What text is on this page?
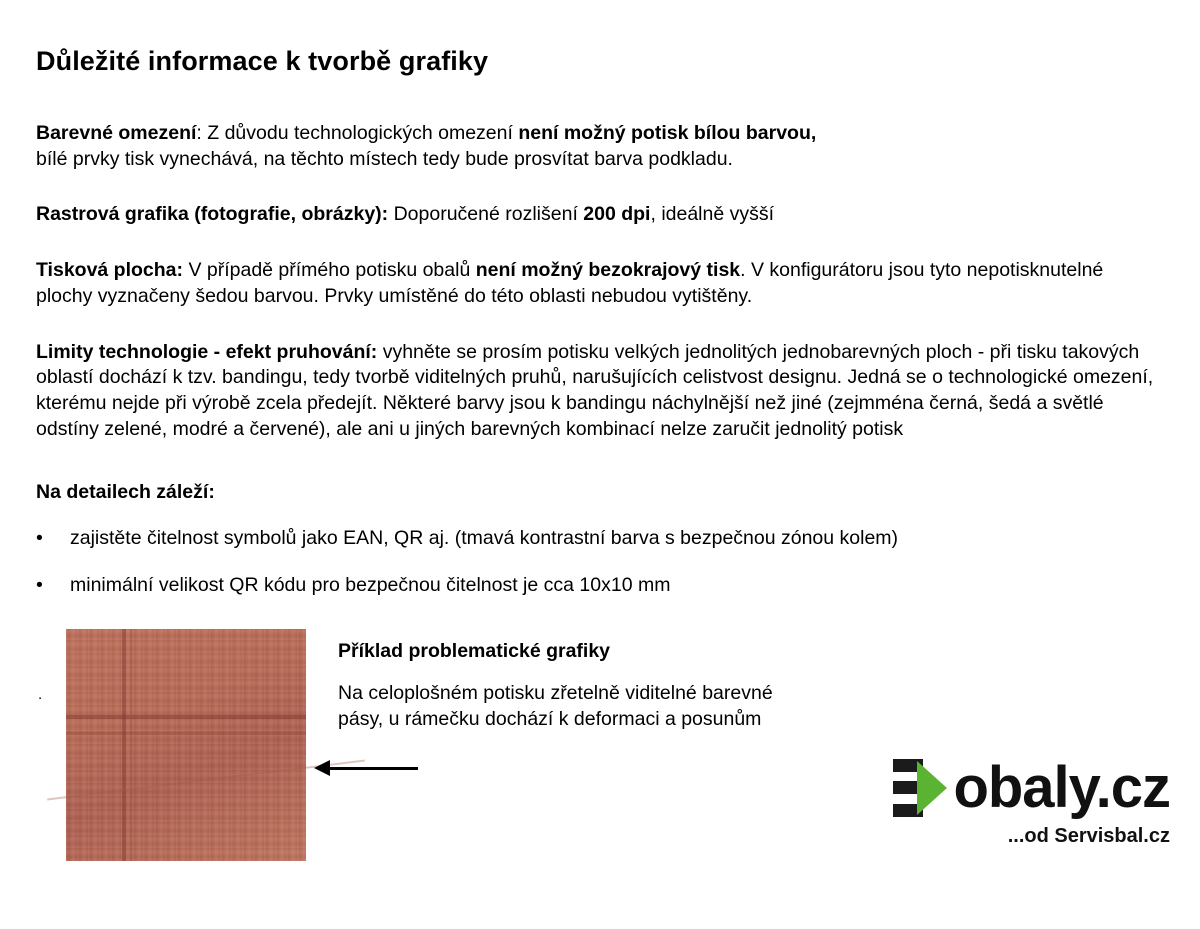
Důležité informace k tvorbě grafiky

Barevné omezení: Z důvodu technologických omezení není možný potisk bílou barvou,
bílé prvky tisk vynechává, na těchto místech tedy bude prosvítat barva podkladu.

Rastrová grafika (fotografie, obrázky): Doporučené rozlišení 200 dpi, ideálně vyšší

Tisková plocha: V případě přímého potisku obalů není možný bezokrajový tisk. V konfigurátoru jsou tyto nepotisknutelné plochy vyznačeny šedou barvou. Prvky umístěné do této oblasti nebudou vytištěny.

Limity technologie - efekt pruhování: vyhněte se prosím potisku velkých jednolitých jednobarevných ploch - při tisku takových oblastí dochází k tzv. bandingu, tedy tvorbě viditelných pruhů, narušujících celistvost designu. Jedná se o technologické omezení, kterému nejde při výrobě zcela předejít. Některé barvy jsou k bandingu náchylnější než jiné (zejmména černá, šedá a světlé odstíny zelené, modré a červené), ale ani u jiných barevných kombinací nelze zaručit jednolitý potisk

Na detailech záleží:
•	zajistěte čitelnost symbolů jako EAN, QR aj. (tmavá kontrastní barva s bezpečnou zónou kolem)
•	minimální velikost QR kódu pro bezpečnou čitelnost je cca 10x10 mm
.
Příklad problematické grafiky
Na celoplošném potisku zřetelně viditelné barevné
pásy, u rámečku dochází k deformaci a posunům
obaly.cz
...od Servisbal.cz
